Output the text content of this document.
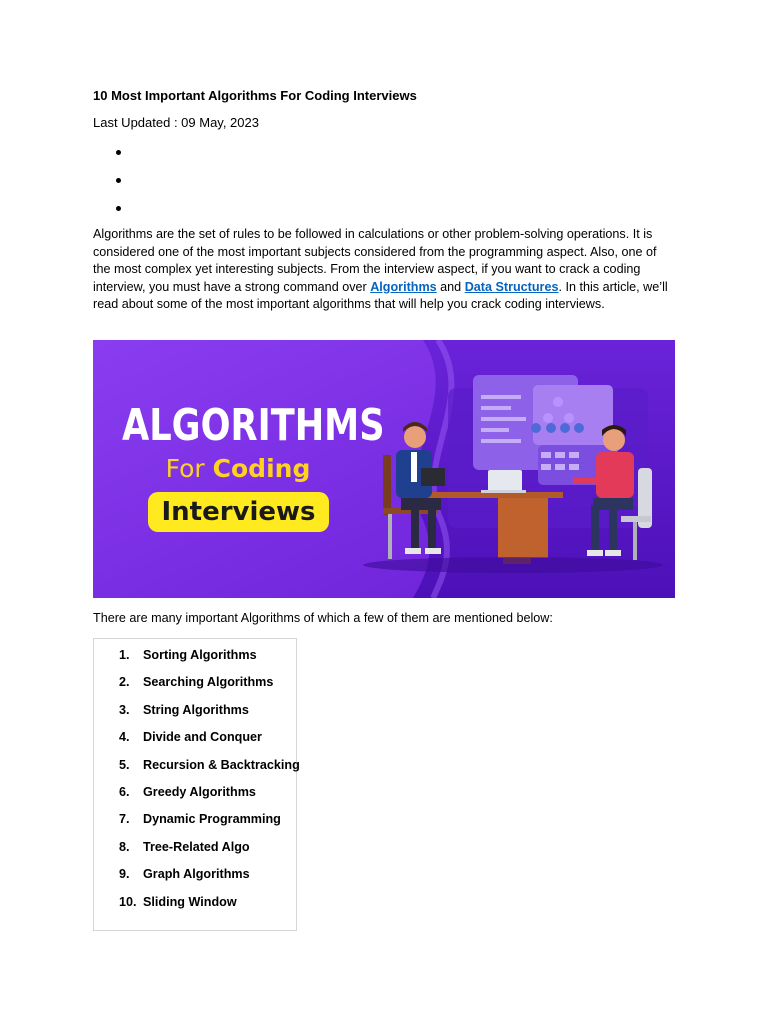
10 Most Important Algorithms For Coding Interviews

Last Updated : 09 May, 2023

Algorithms are the set of rules to be followed in calculations or other problem-solving operations. It is considered one of the most important subjects considered from the programming aspect. Also, one of the most complex yet interesting subjects. From the interview aspect, if you want to crack a coding interview, you must have a strong command over Algorithms and Data Structures. In this article, we’ll read about some of the most important algorithms that will help you crack coding interviews.

ALGORITHMS
For Coding
Interviews

There are many important Algorithms of which a few of them are mentioned below:

1.	Sorting Algorithms
2.	Searching Algorithms
3.	String Algorithms
4.	Divide and Conquer
5.	Recursion & Backtracking
6.	Greedy Algorithms
7.	Dynamic Programming
8.	Tree-Related Algo
9.	Graph Algorithms
10. Sliding Window
